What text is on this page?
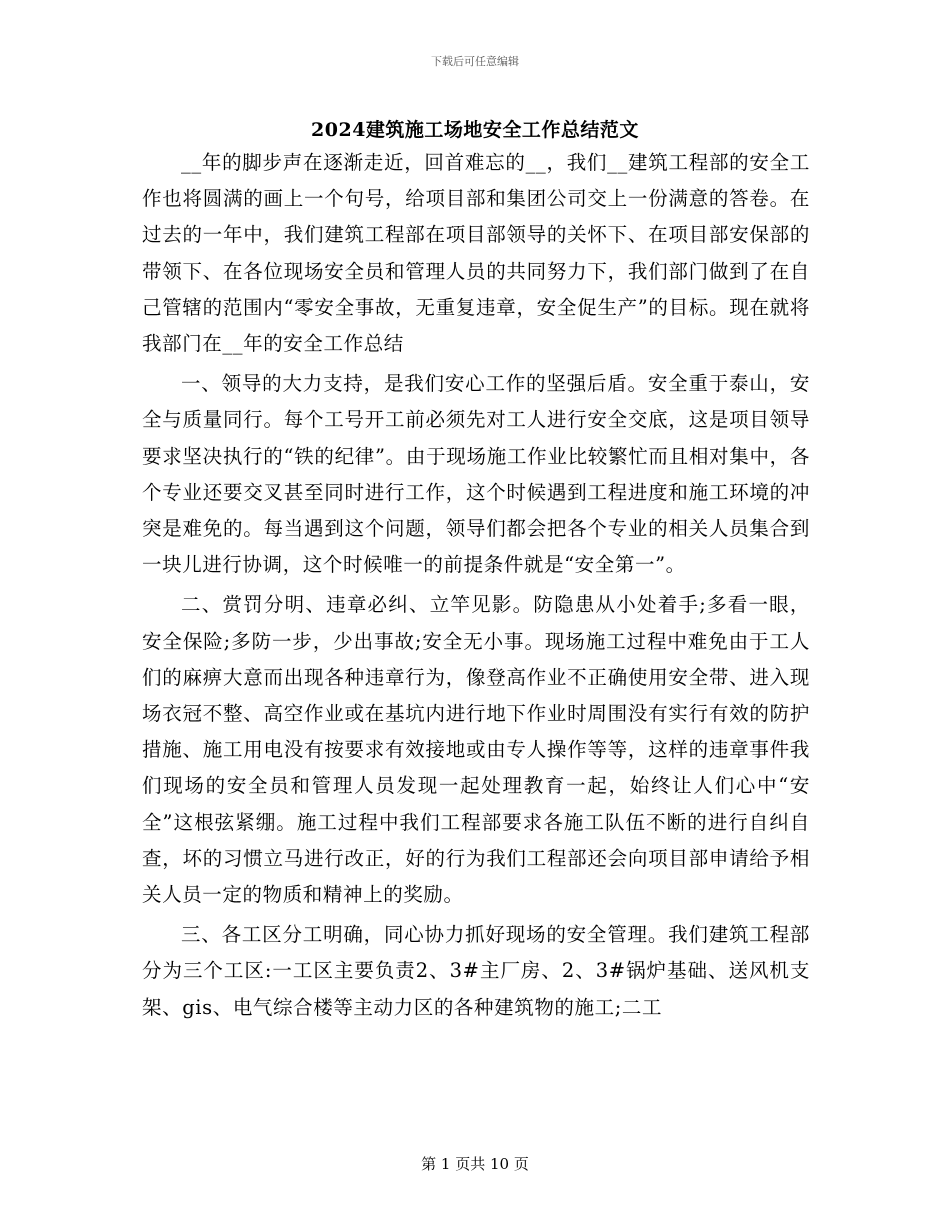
下载后可任意编辑
2024建筑施工场地安全工作总结范文

__年的脚步声在逐渐走近，回首难忘的__，我们__建筑工程部的安全工作也将圆满的画上一个句号，给项目部和集团公司交上一份满意的答卷。在过去的一年中，我们建筑工程部在项目部领导的关怀下、在项目部安保部的带领下、在各位现场安全员和管理人员的共同努力下，我们部门做到了在自己管辖的范围内“零安全事故，无重复违章，安全促生产”的目标。现在就将我部门在__年的安全工作总结

一、领导的大力支持，是我们安心工作的坚强后盾。安全重于泰山，安全与质量同行。每个工号开工前必须先对工人进行安全交底，这是项目领导要求坚决执行的“铁的纪律”。由于现场施工作业比较繁忙而且相对集中，各个专业还要交叉甚至同时进行工作，这个时候遇到工程进度和施工环境的冲突是难免的。每当遇到这个问题，领导们都会把各个专业的相关人员集合到一块儿进行协调，这个时候唯一的前提条件就是“安全第一”。

二、赏罚分明、违章必纠、立竿见影。防隐患从小处着手;多看一眼，安全保险;多防一步，少出事故;安全无小事。现场施工过程中难免由于工人们的麻痹大意而出现各种违章行为，像登高作业不正确使用安全带、进入现场衣冠不整、高空作业或在基坑内进行地下作业时周围没有实行有效的防护措施、施工用电没有按要求有效接地或由专人操作等等，这样的违章事件我们现场的安全员和管理人员发现一起处理教育一起，始终让人们心中“安全”这根弦紧绷。施工过程中我们工程部要求各施工队伍不断的进行自纠自查，坏的习惯立马进行改正，好的行为我们工程部还会向项目部申请给予相关人员一定的物质和精神上的奖励。

三、各工区分工明确，同心协力抓好现场的安全管理。我们建筑工程部分为三个工区:一工区主要负责2、3#主厂房、2、3#锅炉基础、送风机支架、gis、电气综合楼等主动力区的各种建筑物的施工;二工

第 1 页共 10 页
